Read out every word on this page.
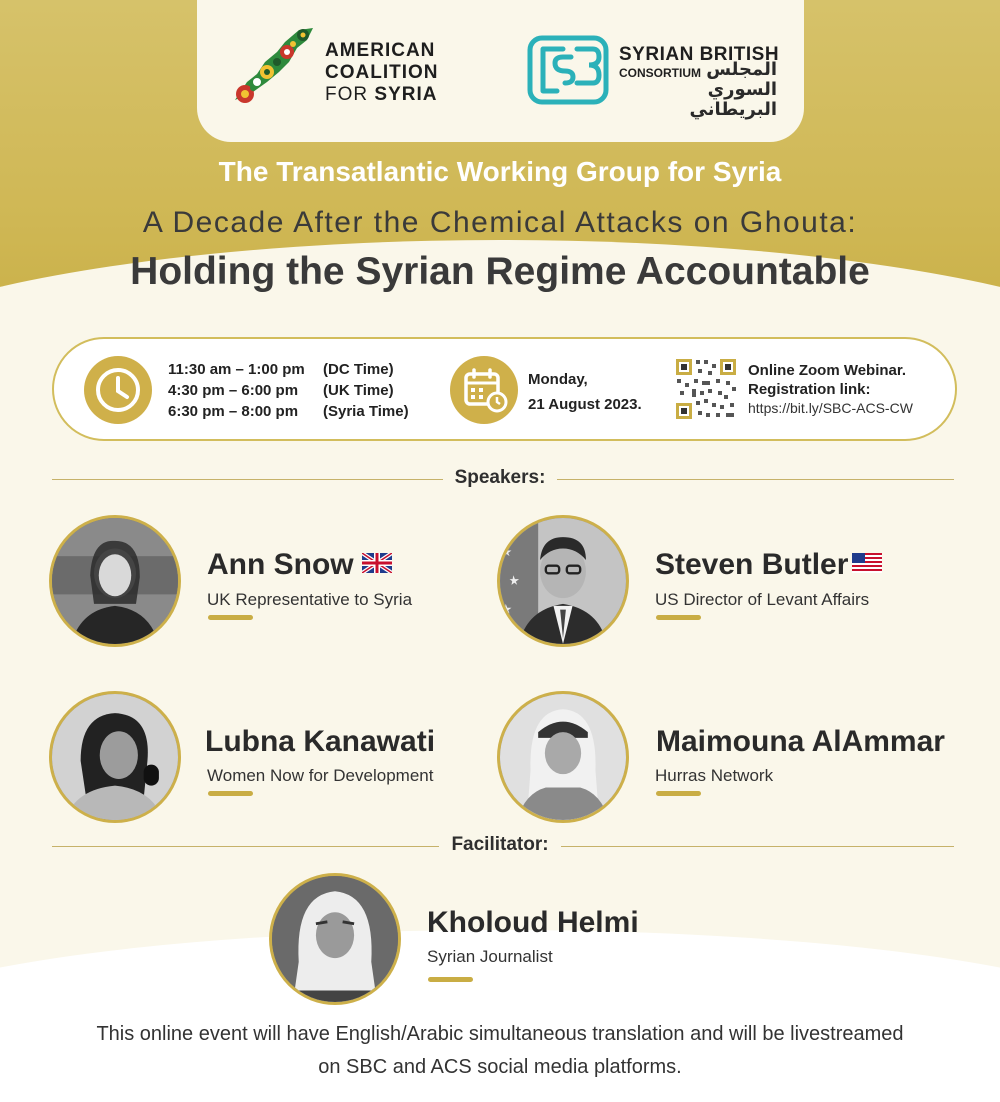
AMERICAN
COALITION
FOR SYRIA
SYRIAN BRITISH
CONSORTIUM المجلس
السوري البريطاني
The Transatlantic Working Group for Syria
A Decade After the Chemical Attacks on Ghouta:
Holding the Syrian Regime Accountable
11:30 am – 1:00 pm (DC Time)
4:30 pm – 6:00 pm (UK Time)
6:30 pm – 8:00 pm (Syria Time)
Monday,
21 August 2023.
Online Zoom Webinar.
Registration link:
https://bit.ly/SBC-ACS-CW
Speakers:
Ann Snow
UK Representative to Syria
Steven Butler
US Director of Levant Affairs
Lubna Kanawati
Women Now for Development
Maimouna AlAmmar
Hurras Network
Facilitator:
Kholoud Helmi
Syrian Journalist
This online event will have English/Arabic simultaneous translation and will be livestreamed
on SBC and ACS social media platforms.
